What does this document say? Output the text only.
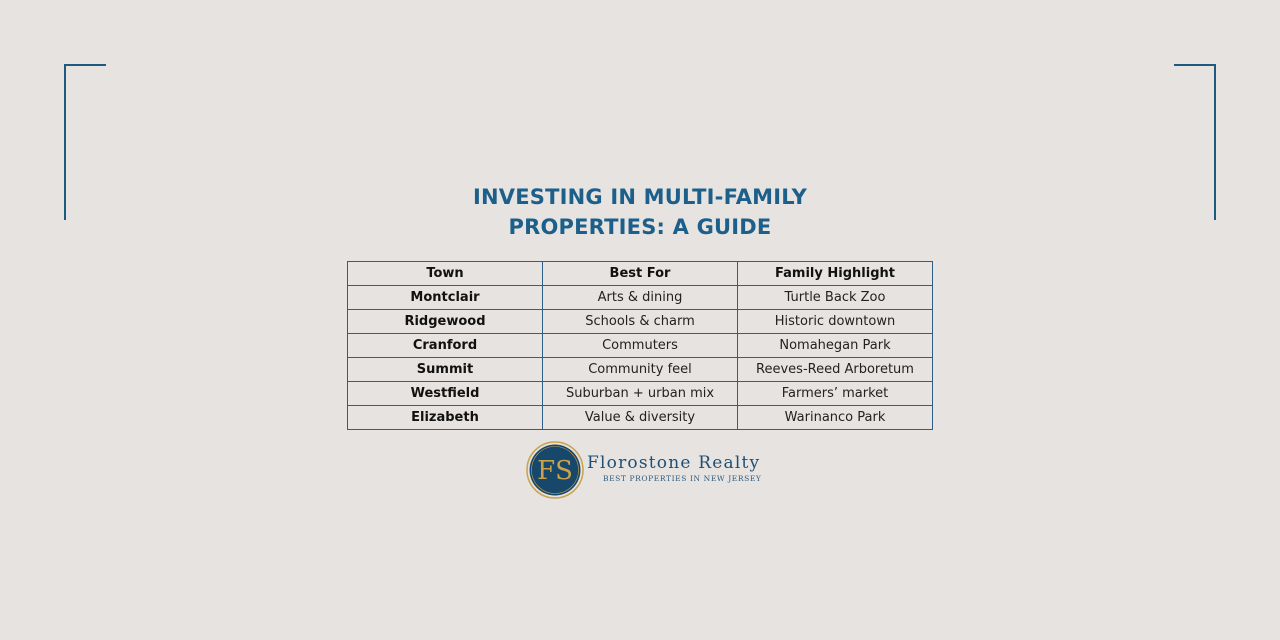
INVESTING IN MULTI-FAMILY
PROPERTIES: A GUIDE
Town	Best For	Family Highlight
Montclair	Arts & dining	Turtle Back Zoo
Ridgewood	Schools & charm	Historic downtown
Cranford	Commuters	Nomahegan Park
Summit	Community feel	Reeves-Reed Arboretum
Westfield	Suburban + urban mix	Farmers’ market
Elizabeth	Value & diversity	Warinanco Park
FS Florostone Realty
BEST PROPERTIES IN NEW JERSEY
